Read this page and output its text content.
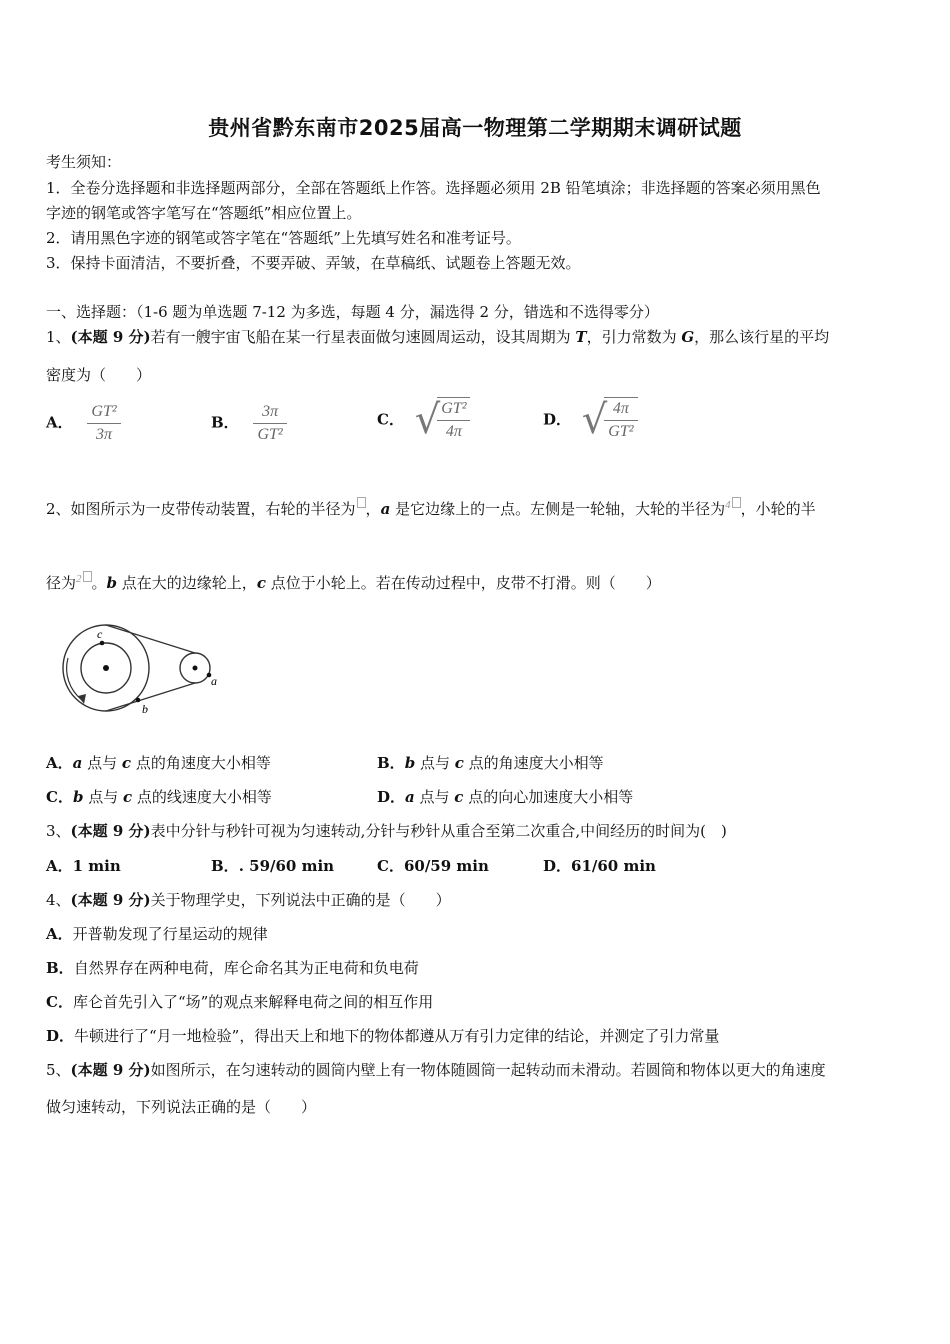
贵州省黔东南市2025届高一物理第二学期期末调研试题
考生须知：
1．全卷分选择题和非选择题两部分，全部在答题纸上作答。选择题必须用 2B 铅笔填涂；非选择题的答案必须用黑色
字迹的钢笔或答字笔写在“答题纸”相应位置上。
2．请用黑色字迹的钢笔或答字笔在“答题纸”上先填写姓名和准考证号。
3．保持卡面清洁，不要折叠，不要弄破、弄皱，在草稿纸、试题卷上答题无效。
一、选择题：（1-6 题为单选题 7-12 为多选，每题 4 分，漏选得 2 分，错选和不选得零分）
1、(本题 9 分)若有一艘宇宙飞船在某一行星表面做匀速圆周运动，设其周期为 T，引力常数为 G，那么该行星的平均
密度为（　　）
A． $\frac{\text{GT²}}{3\pi}$	B． $\frac{3\pi}{\text{GT²}}$	C． √
$\frac{\text{GT²}}{4\pi}$	D． √
$\frac{4\pi}{\text{GT²}}$
2、如图所示为一皮带传动装置，右轮的半径为 ，a 是它边缘上的一点。左侧是一轮轴，大轮的半径为4 ，小轮的半
径为2 。b 点在大的边缘轮上，c 点位于小轮上。若在传动过程中，皮带不打滑。则（　　）
c
a
b
A．a 点与 c 点的角速度大小相等	B．b 点与 c 点的角速度大小相等
C．b 点与 c 点的线速度大小相等	D．a 点与 c 点的向心加速度大小相等
3、(本题 9 分)表中分针与秒针可视为匀速转动,分针与秒针从重合至第二次重合,中间经历的时间为(　)
A．1 min	B．. 59/60 min	C．60/59 min	D．61/60 min
4、(本题 9 分)关于物理学史，下列说法中正确的是（　　）
A．开普勒发现了行星运动的规律
B．自然界存在两种电荷，库仑命名其为正电荷和负电荷
C．库仑首先引入了“场”的观点来解释电荷之间的相互作用
D．牛顿进行了“月一地检验”，得出天上和地下的物体都遵从万有引力定律的结论，并测定了引力常量
5、(本题 9 分)如图所示，在匀速转动的圆筒内壁上有一物体随圆筒一起转动而未滑动。若圆筒和物体以更大的角速度
做匀速转动，下列说法正确的是（　　）
